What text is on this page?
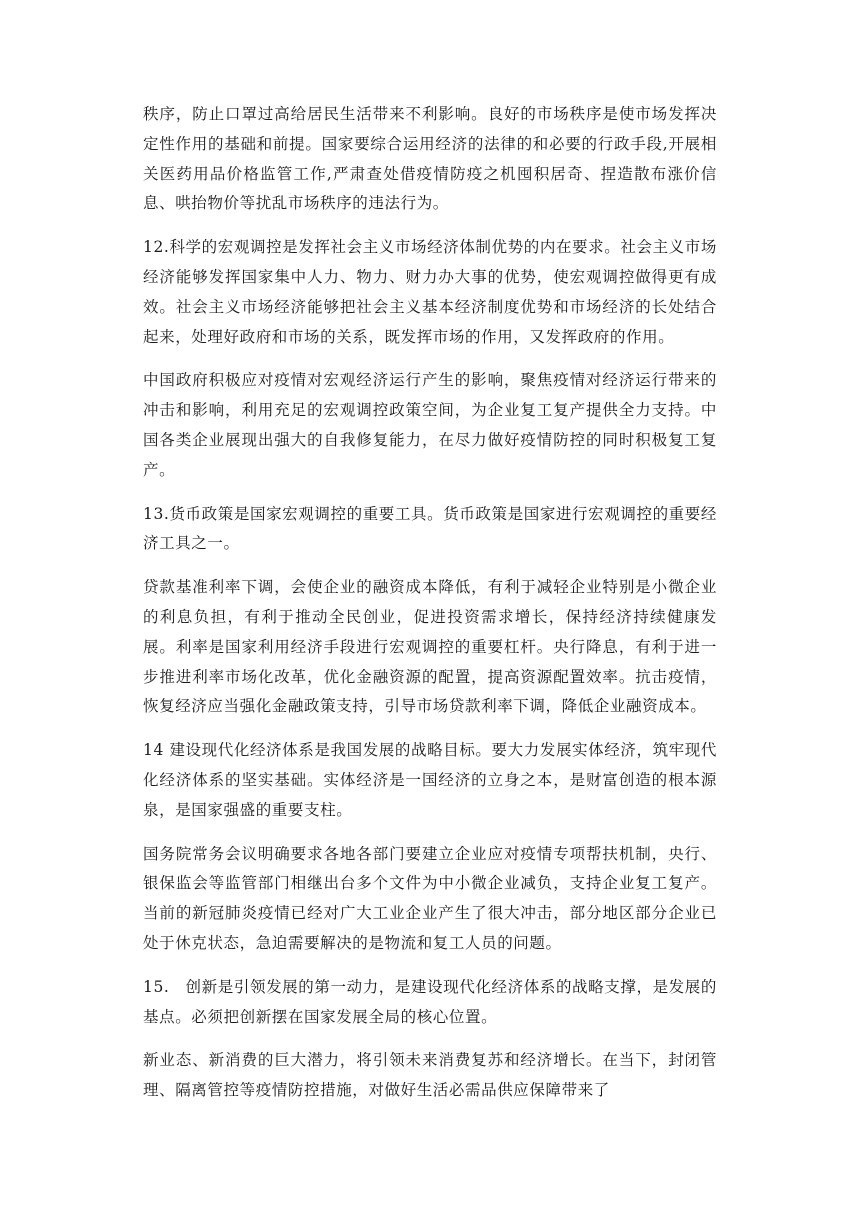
秩序，防止口罩过高给居民生活带来不利影响。良好的市场秩序是使市场发挥决定性作用的基础和前提。国家要综合运用经济的法律的和必要的行政手段,开展相关医药用品价格监管工作,严肃查处借疫情防疫之机囤积居奇、捏造散布涨价信息、哄抬物价等扰乱市场秩序的违法行为。

12.科学的宏观调控是发挥社会主义市场经济体制优势的内在要求。社会主义市场经济能够发挥国家集中人力、物力、财力办大事的优势，使宏观调控做得更有成效。社会主义市场经济能够把社会主义基本经济制度优势和市场经济的长处结合起来，处理好政府和市场的关系，既发挥市场的作用，又发挥政府的作用。

中国政府积极应对疫情对宏观经济运行产生的影响，聚焦疫情对经济运行带来的冲击和影响，利用充足的宏观调控政策空间，为企业复工复产提供全力支持。中国各类企业展现出强大的自我修复能力，在尽力做好疫情防控的同时积极复工复产。

13.货币政策是国家宏观调控的重要工具。货币政策是国家进行宏观调控的重要经济工具之一。

贷款基准利率下调，会使企业的融资成本降低，有利于减轻企业特别是小微企业的利息负担，有利于推动全民创业，促进投资需求增长，保持经济持续健康发展。利率是国家利用经济手段进行宏观调控的重要杠杆。央行降息，有利于进一步推进利率市场化改革，优化金融资源的配置，提高资源配置效率。抗击疫情，恢复经济应当强化金融政策支持，引导市场贷款利率下调，降低企业融资成本。

14 建设现代化经济体系是我国发展的战略目标。要大力发展实体经济，筑牢现代化经济体系的坚实基础。实体经济是一国经济的立身之本，是财富创造的根本源泉，是国家强盛的重要支柱。

国务院常务会议明确要求各地各部门要建立企业应对疫情专项帮扶机制，央行、银保监会等监管部门相继出台多个文件为中小微企业减负，支持企业复工复产。当前的新冠肺炎疫情已经对广大工业企业产生了很大冲击，部分地区部分企业已处于休克状态，急迫需要解决的是物流和复工人员的问题。

15.　创新是引领发展的第一动力，是建设现代化经济体系的战略支撑，是发展的基点。必须把创新摆在国家发展全局的核心位置。

新业态、新消费的巨大潜力，将引领未来消费复苏和经济增长。在当下，封闭管理、隔离管控等疫情防控措施，对做好生活必需品供应保障带来了
